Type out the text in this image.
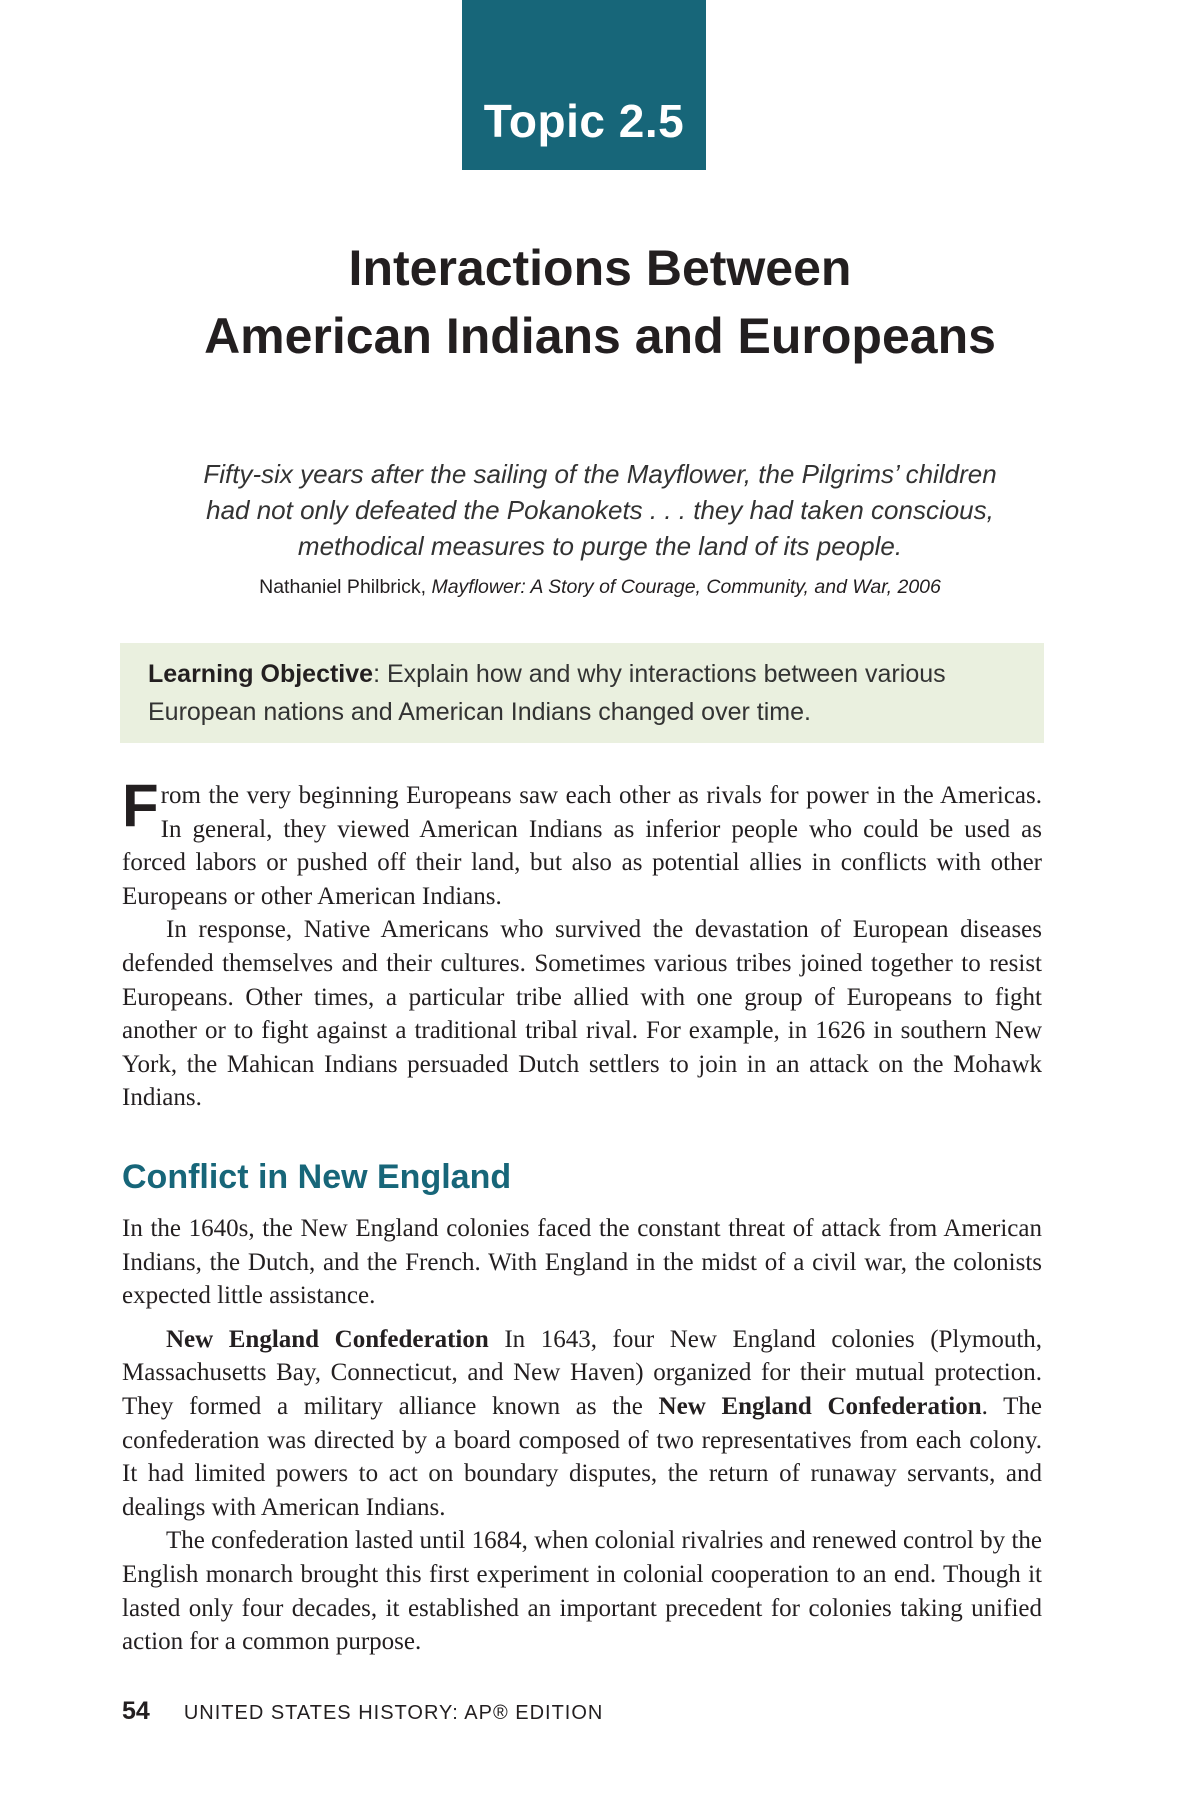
Topic 2.5
Interactions Between
American Indians and Europeans
Fifty-six years after the sailing of the Mayflower, the Pilgrims’ children
had not only defeated the Pokanokets . . . they had taken conscious,
methodical measures to purge the land of its people.
Nathaniel Philbrick, Mayflower: A Story of Courage, Community, and War, 2006
Learning Objective: Explain how and why interactions between various
European nations and American Indians changed over time.

From the very beginning Europeans saw each other as rivals for power in the Americas. In general, they viewed American Indians as inferior people who could be used as forced labors or pushed off their land, but also as potential allies in conflicts with other Europeans or other American Indians.

In response, Native Americans who survived the devastation of European diseases defended themselves and their cultures. Sometimes various tribes joined together to resist Europeans. Other times, a particular tribe allied with one group of Europeans to fight another or to fight against a traditional tribal rival. For example, in 1626 in southern New York, the Mahican Indians persuaded Dutch settlers to join in an attack on the Mohawk Indians.

Conflict in New England

In the 1640s, the New England colonies faced the constant threat of attack from American Indians, the Dutch, and the French. With England in the midst of a civil war, the colonists expected little assistance.

New England Confederation In 1643, four New England colonies (Plymouth, Massachusetts Bay, Connecticut, and New Haven) organized for their mutual protection. They formed a military alliance known as the New England Confederation. The confederation was directed by a board composed of two representatives from each colony. It had limited powers to act on boundary disputes, the return of runaway servants, and dealings with American Indians.

The confederation lasted until 1684, when colonial rivalries and renewed control by the English monarch brought this first experiment in colonial cooperation to an end. Though it lasted only four decades, it established an important precedent for colonies taking unified action for a common purpose.

54 UNITED STATES HISTORY: AP® EDITION
